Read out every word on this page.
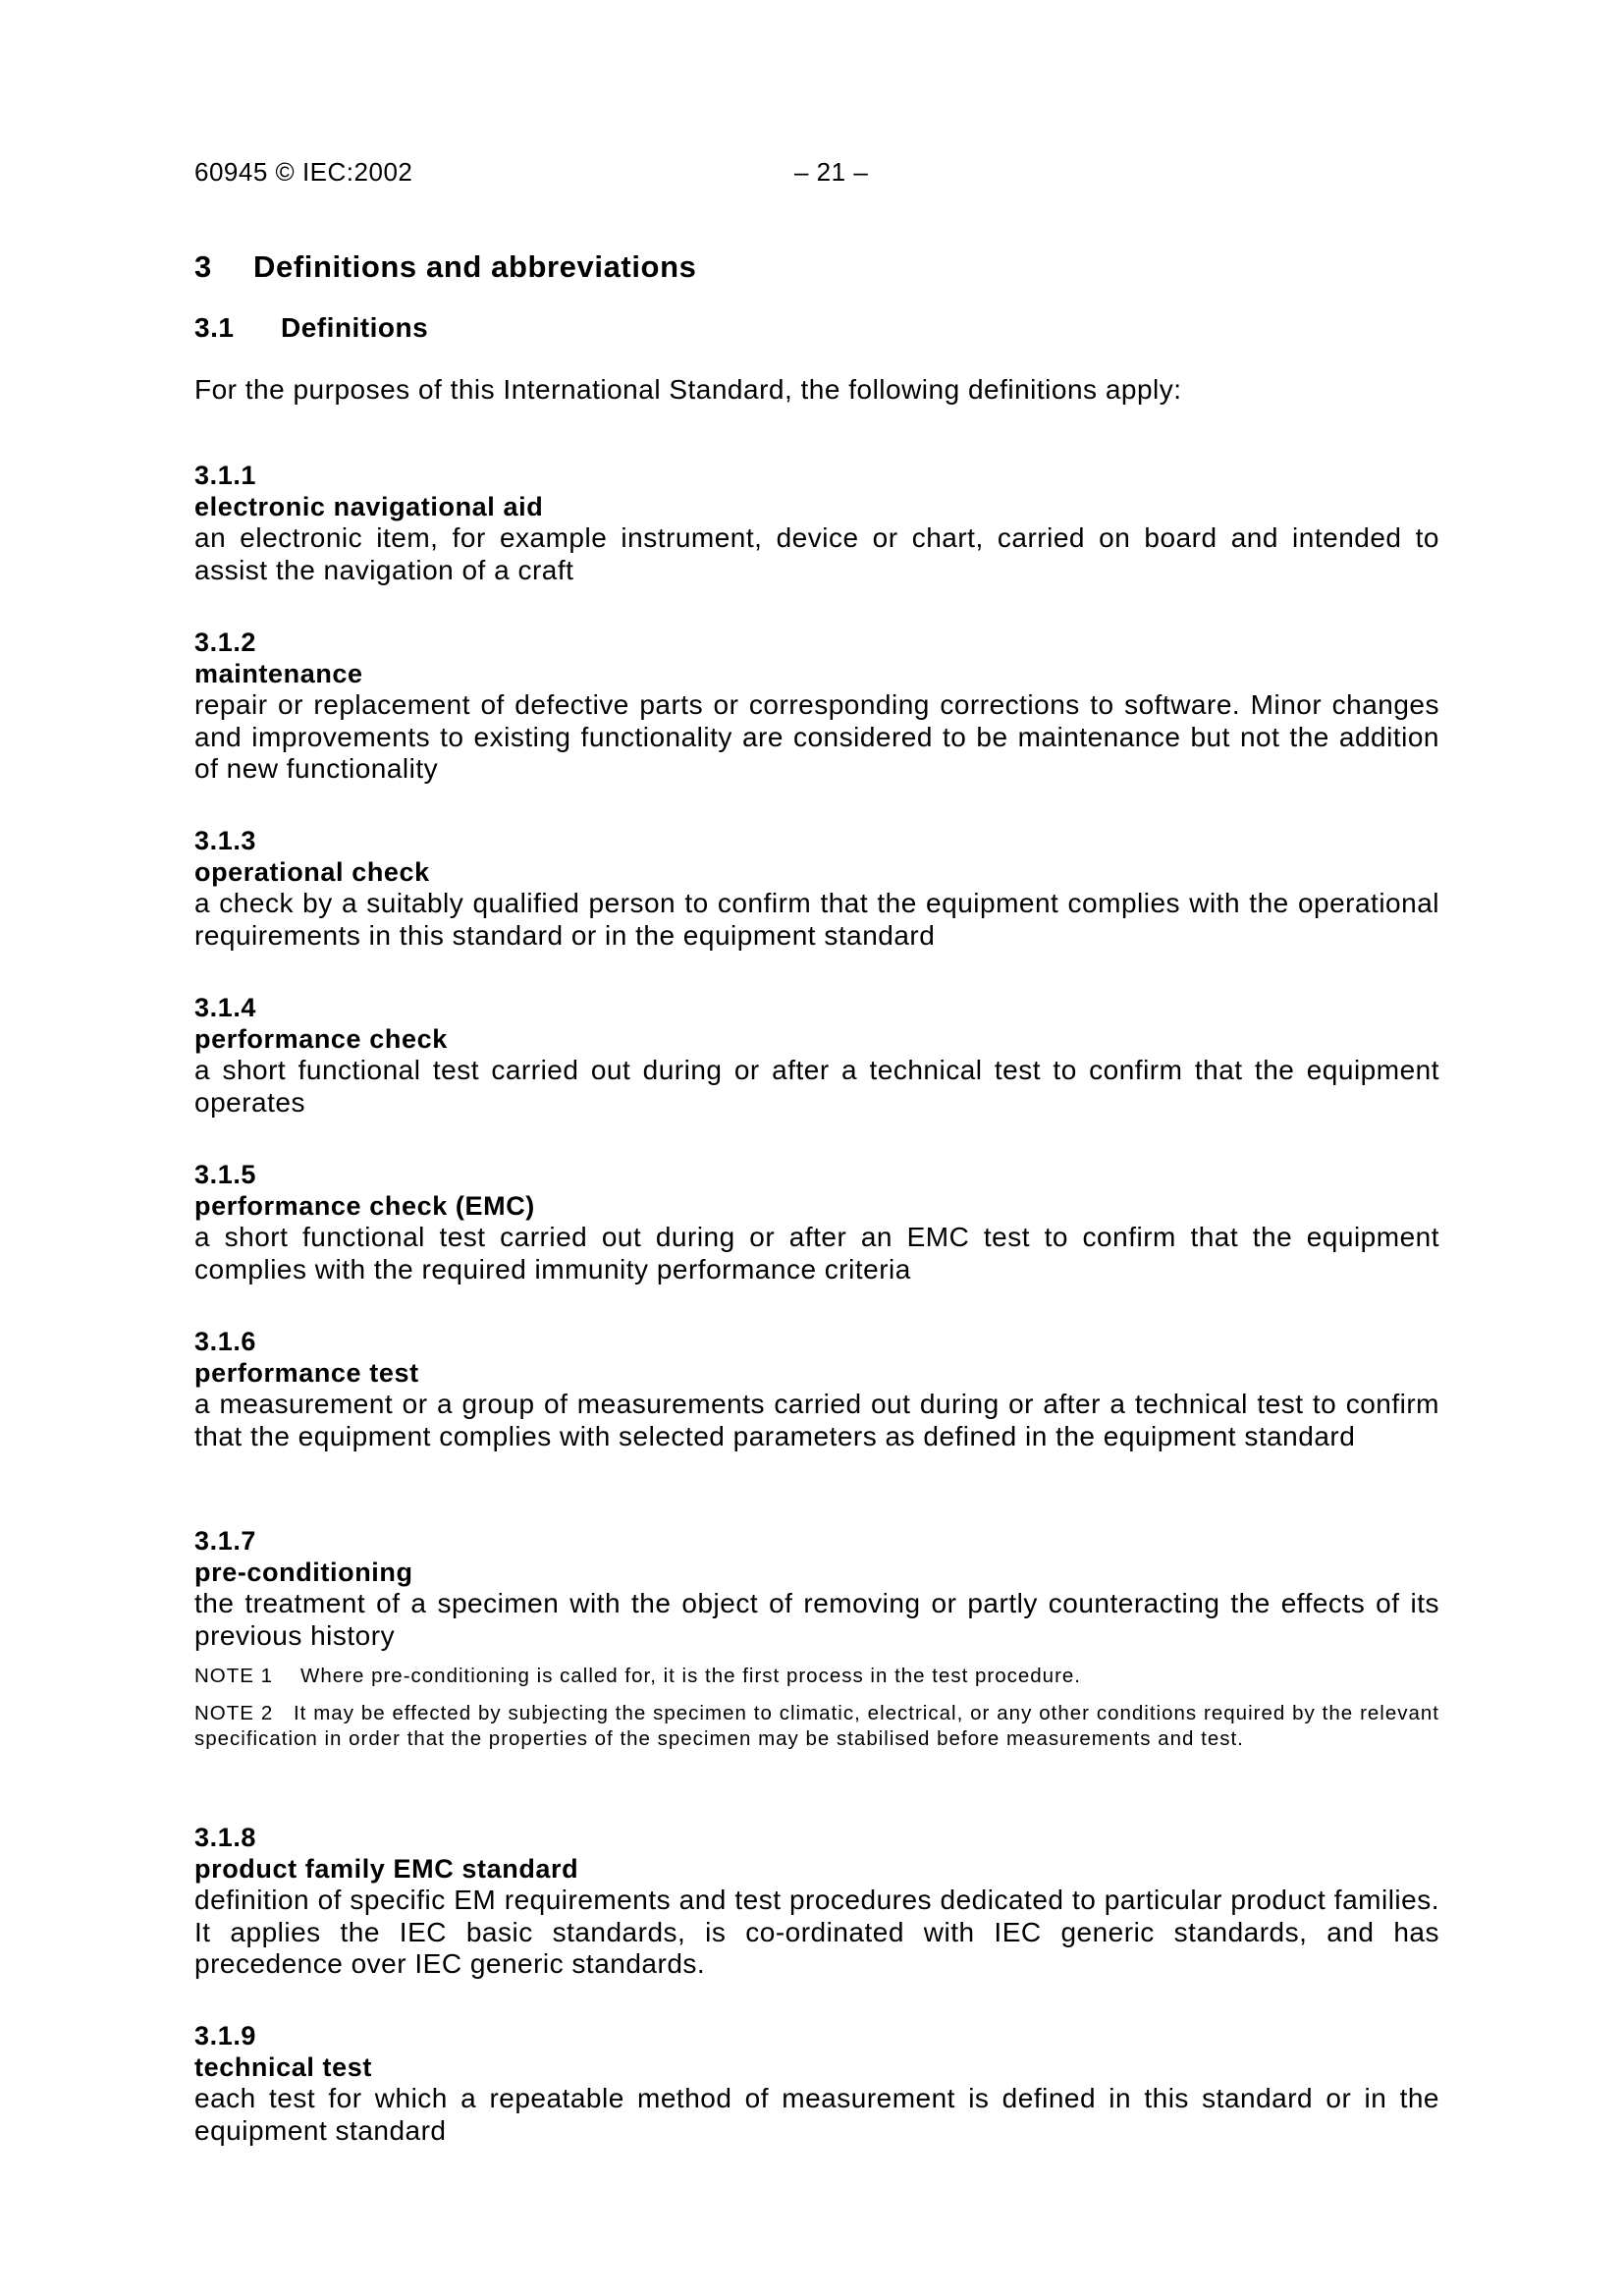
60945 © IEC:2002	– 21 –
3 Definitions and abbreviations
3.1 Definitions
For the purposes of this International Standard, the following definitions apply:
3.1.1
electronic navigational aid
an electronic item, for example instrument, device or chart, carried on board and intended to assist the navigation of a craft
3.1.2
maintenance
repair or replacement of defective parts or corresponding corrections to software. Minor changes and improvements to existing functionality are considered to be maintenance but not the addition of new functionality
3.1.3
operational check
a check by a suitably qualified person to confirm that the equipment complies with the operational requirements in this standard or in the equipment standard
3.1.4
performance check
a short functional test carried out during or after a technical test to confirm that the equipment operates
3.1.5
performance check (EMC)
a short functional test carried out during or after an EMC test to confirm that the equipment complies with the required immunity performance criteria
3.1.6
performance test
a measurement or a group of measurements carried out during or after a technical test to confirm that the equipment complies with selected parameters as defined in the equipment standard
3.1.7
pre-conditioning
the treatment of a specimen with the object of removing or partly counteracting the effects of its previous history
NOTE 1 Where pre-conditioning is called for, it is the first process in the test procedure.
NOTE 2 It may be effected by subjecting the specimen to climatic, electrical, or any other conditions required by the relevant specification in order that the properties of the specimen may be stabilised before measurements and test.
3.1.8
product family EMC standard
definition of specific EM requirements and test procedures dedicated to particular product families. It applies the IEC basic standards, is co-ordinated with IEC generic standards, and has precedence over IEC generic standards.
3.1.9
technical test
each test for which a repeatable method of measurement is defined in this standard or in the equipment standard
